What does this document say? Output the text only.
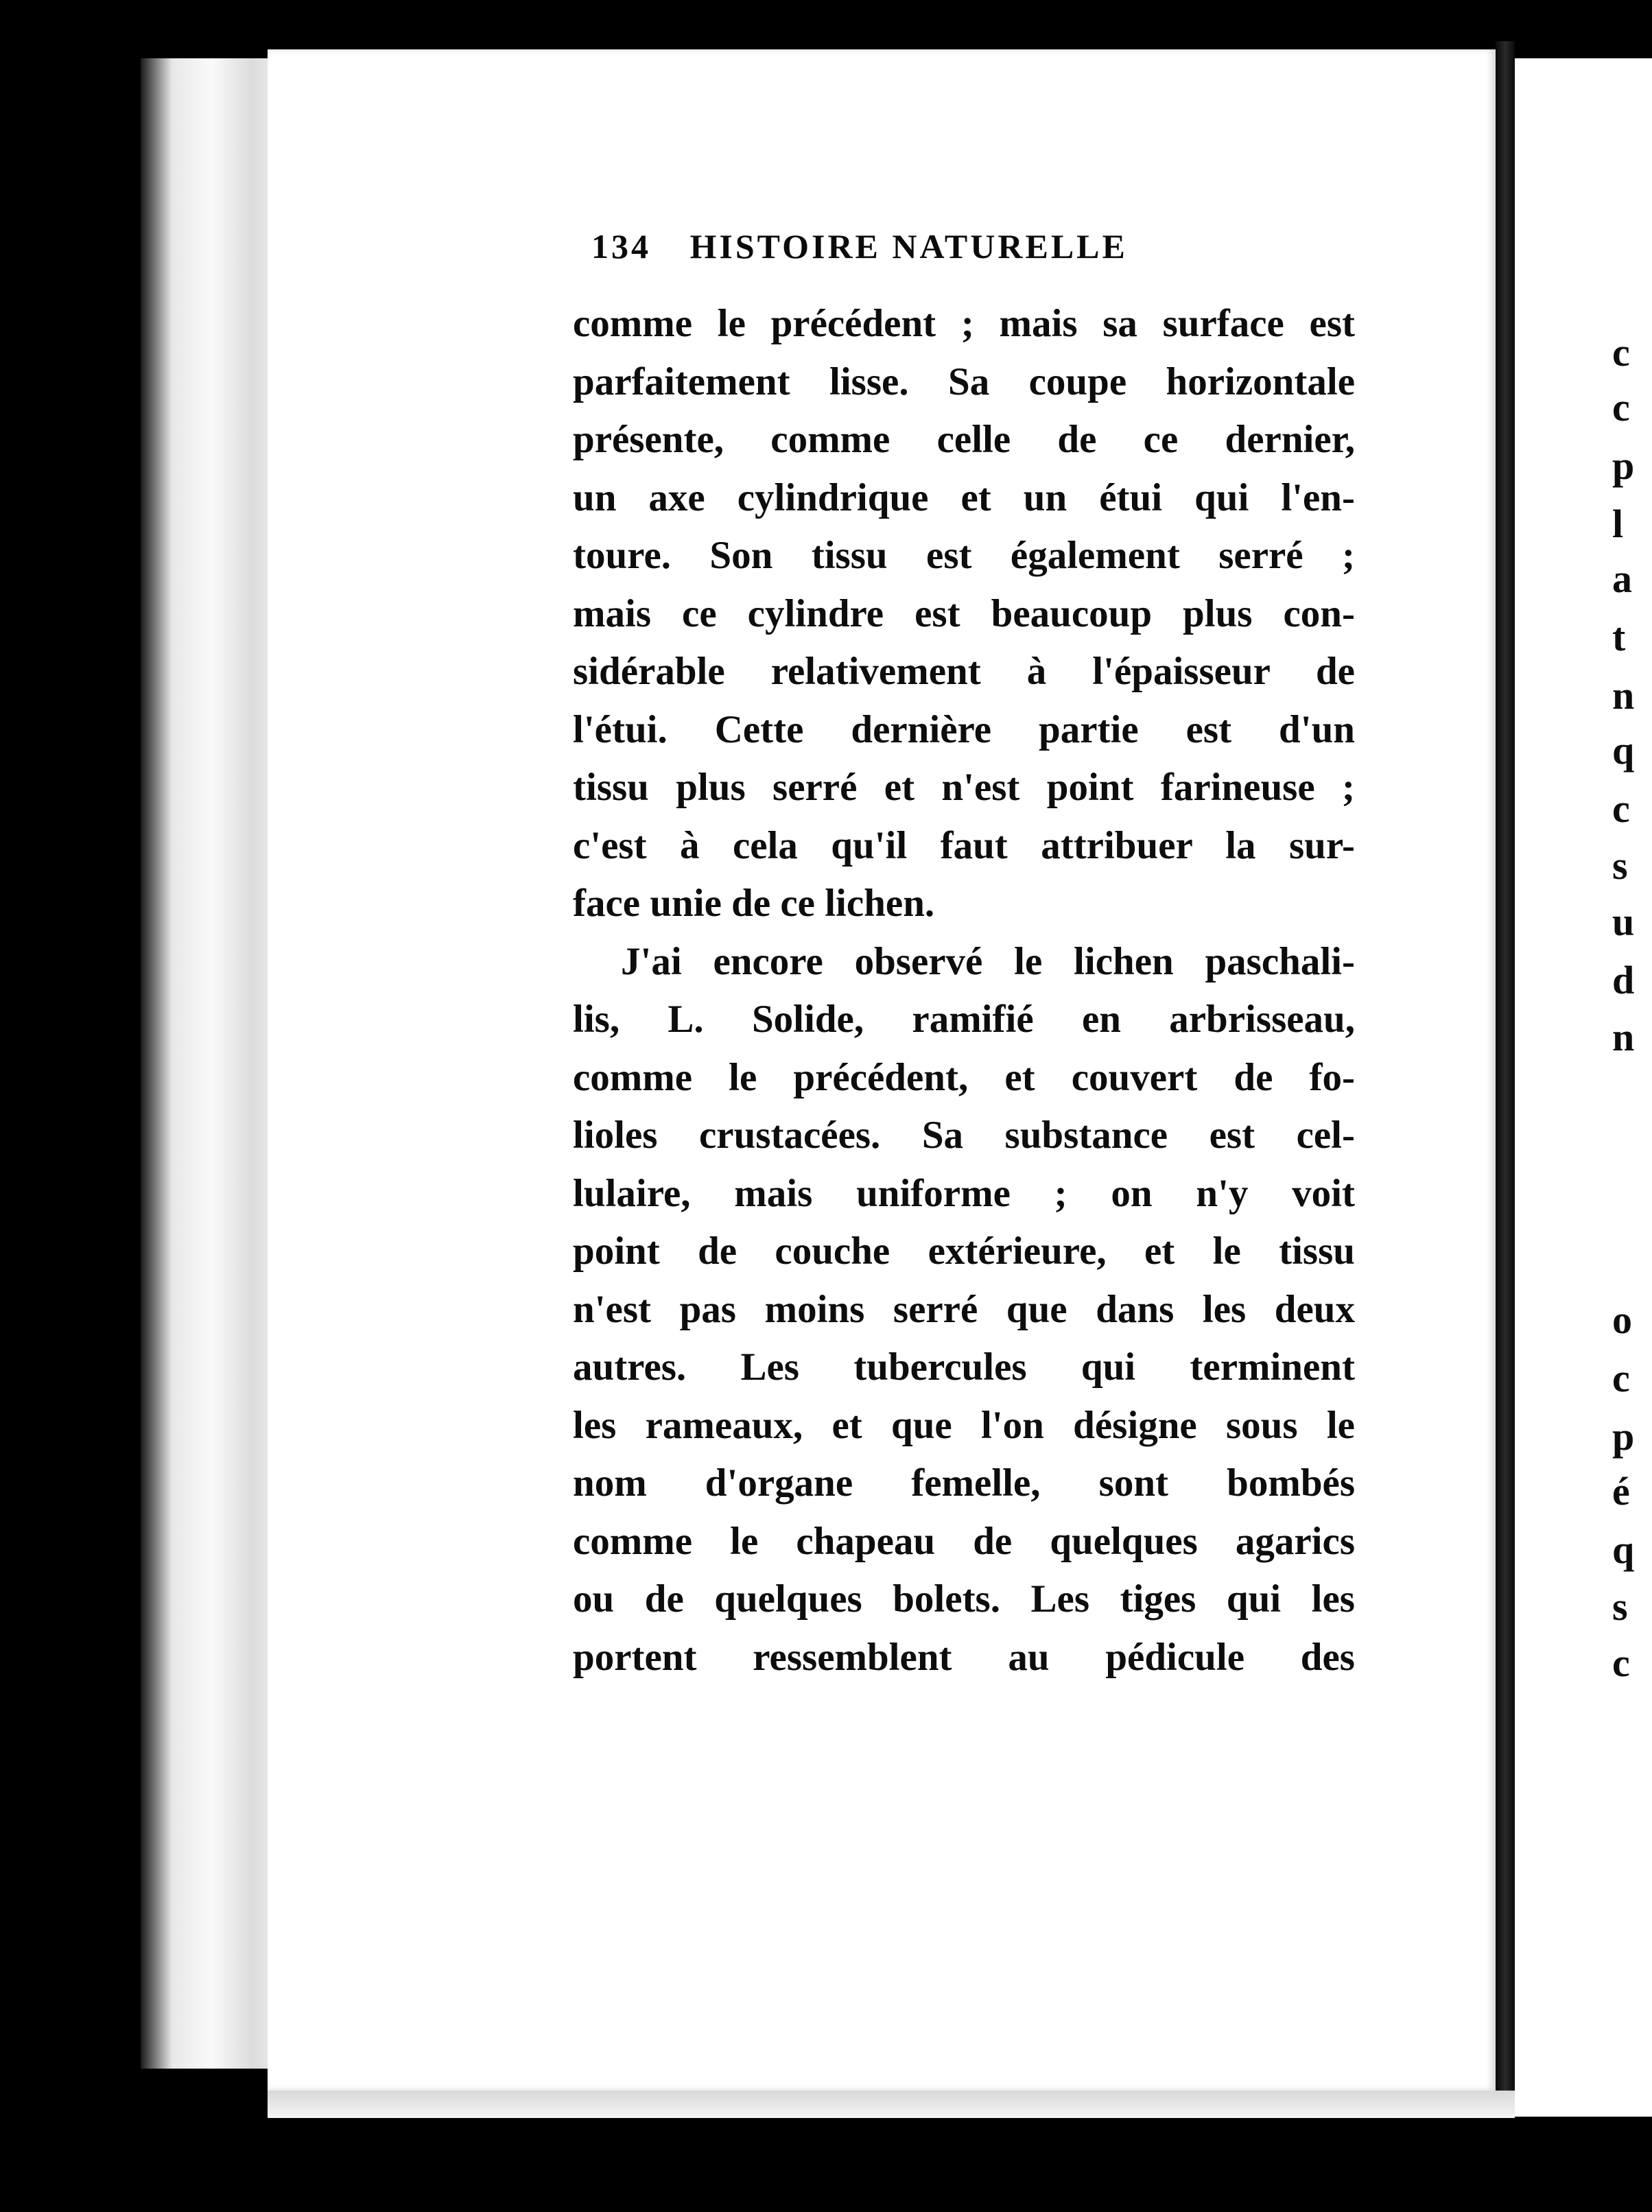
134 HISTOIRE NATURELLE
comme le précédent ; mais sa surface est
parfaitement lisse. Sa coupe horizontale
présente, comme celle de ce dernier,
un axe cylindrique et un étui qui l'en-
toure. Son tissu est également serré ;
mais ce cylindre est beaucoup plus con-
sidérable relativement à l'épaisseur de
l'étui. Cette dernière partie est d'un
tissu plus serré et n'est point farineuse ;
c'est à cela qu'il faut attribuer la sur-
face unie de ce lichen.
J'ai encore observé le lichen paschali-
lis, L. Solide, ramifié en arbrisseau,
comme le précédent, et couvert de fo-
lioles crustacées. Sa substance est cel-
lulaire, mais uniforme ; on n'y voit
point de couche extérieure, et le tissu
n'est pas moins serré que dans les deux
autres. Les tubercules qui terminent
les rameaux, et que l'on désigne sous le
nom d'organe femelle, sont bombés
comme le chapeau de quelques agarics
ou de quelques bolets. Les tiges qui les
portent ressemblent au pédicule des
c
c
p
l
a
t
n
q
c
s
u
d
n
o
c
p
é
q
s
c
